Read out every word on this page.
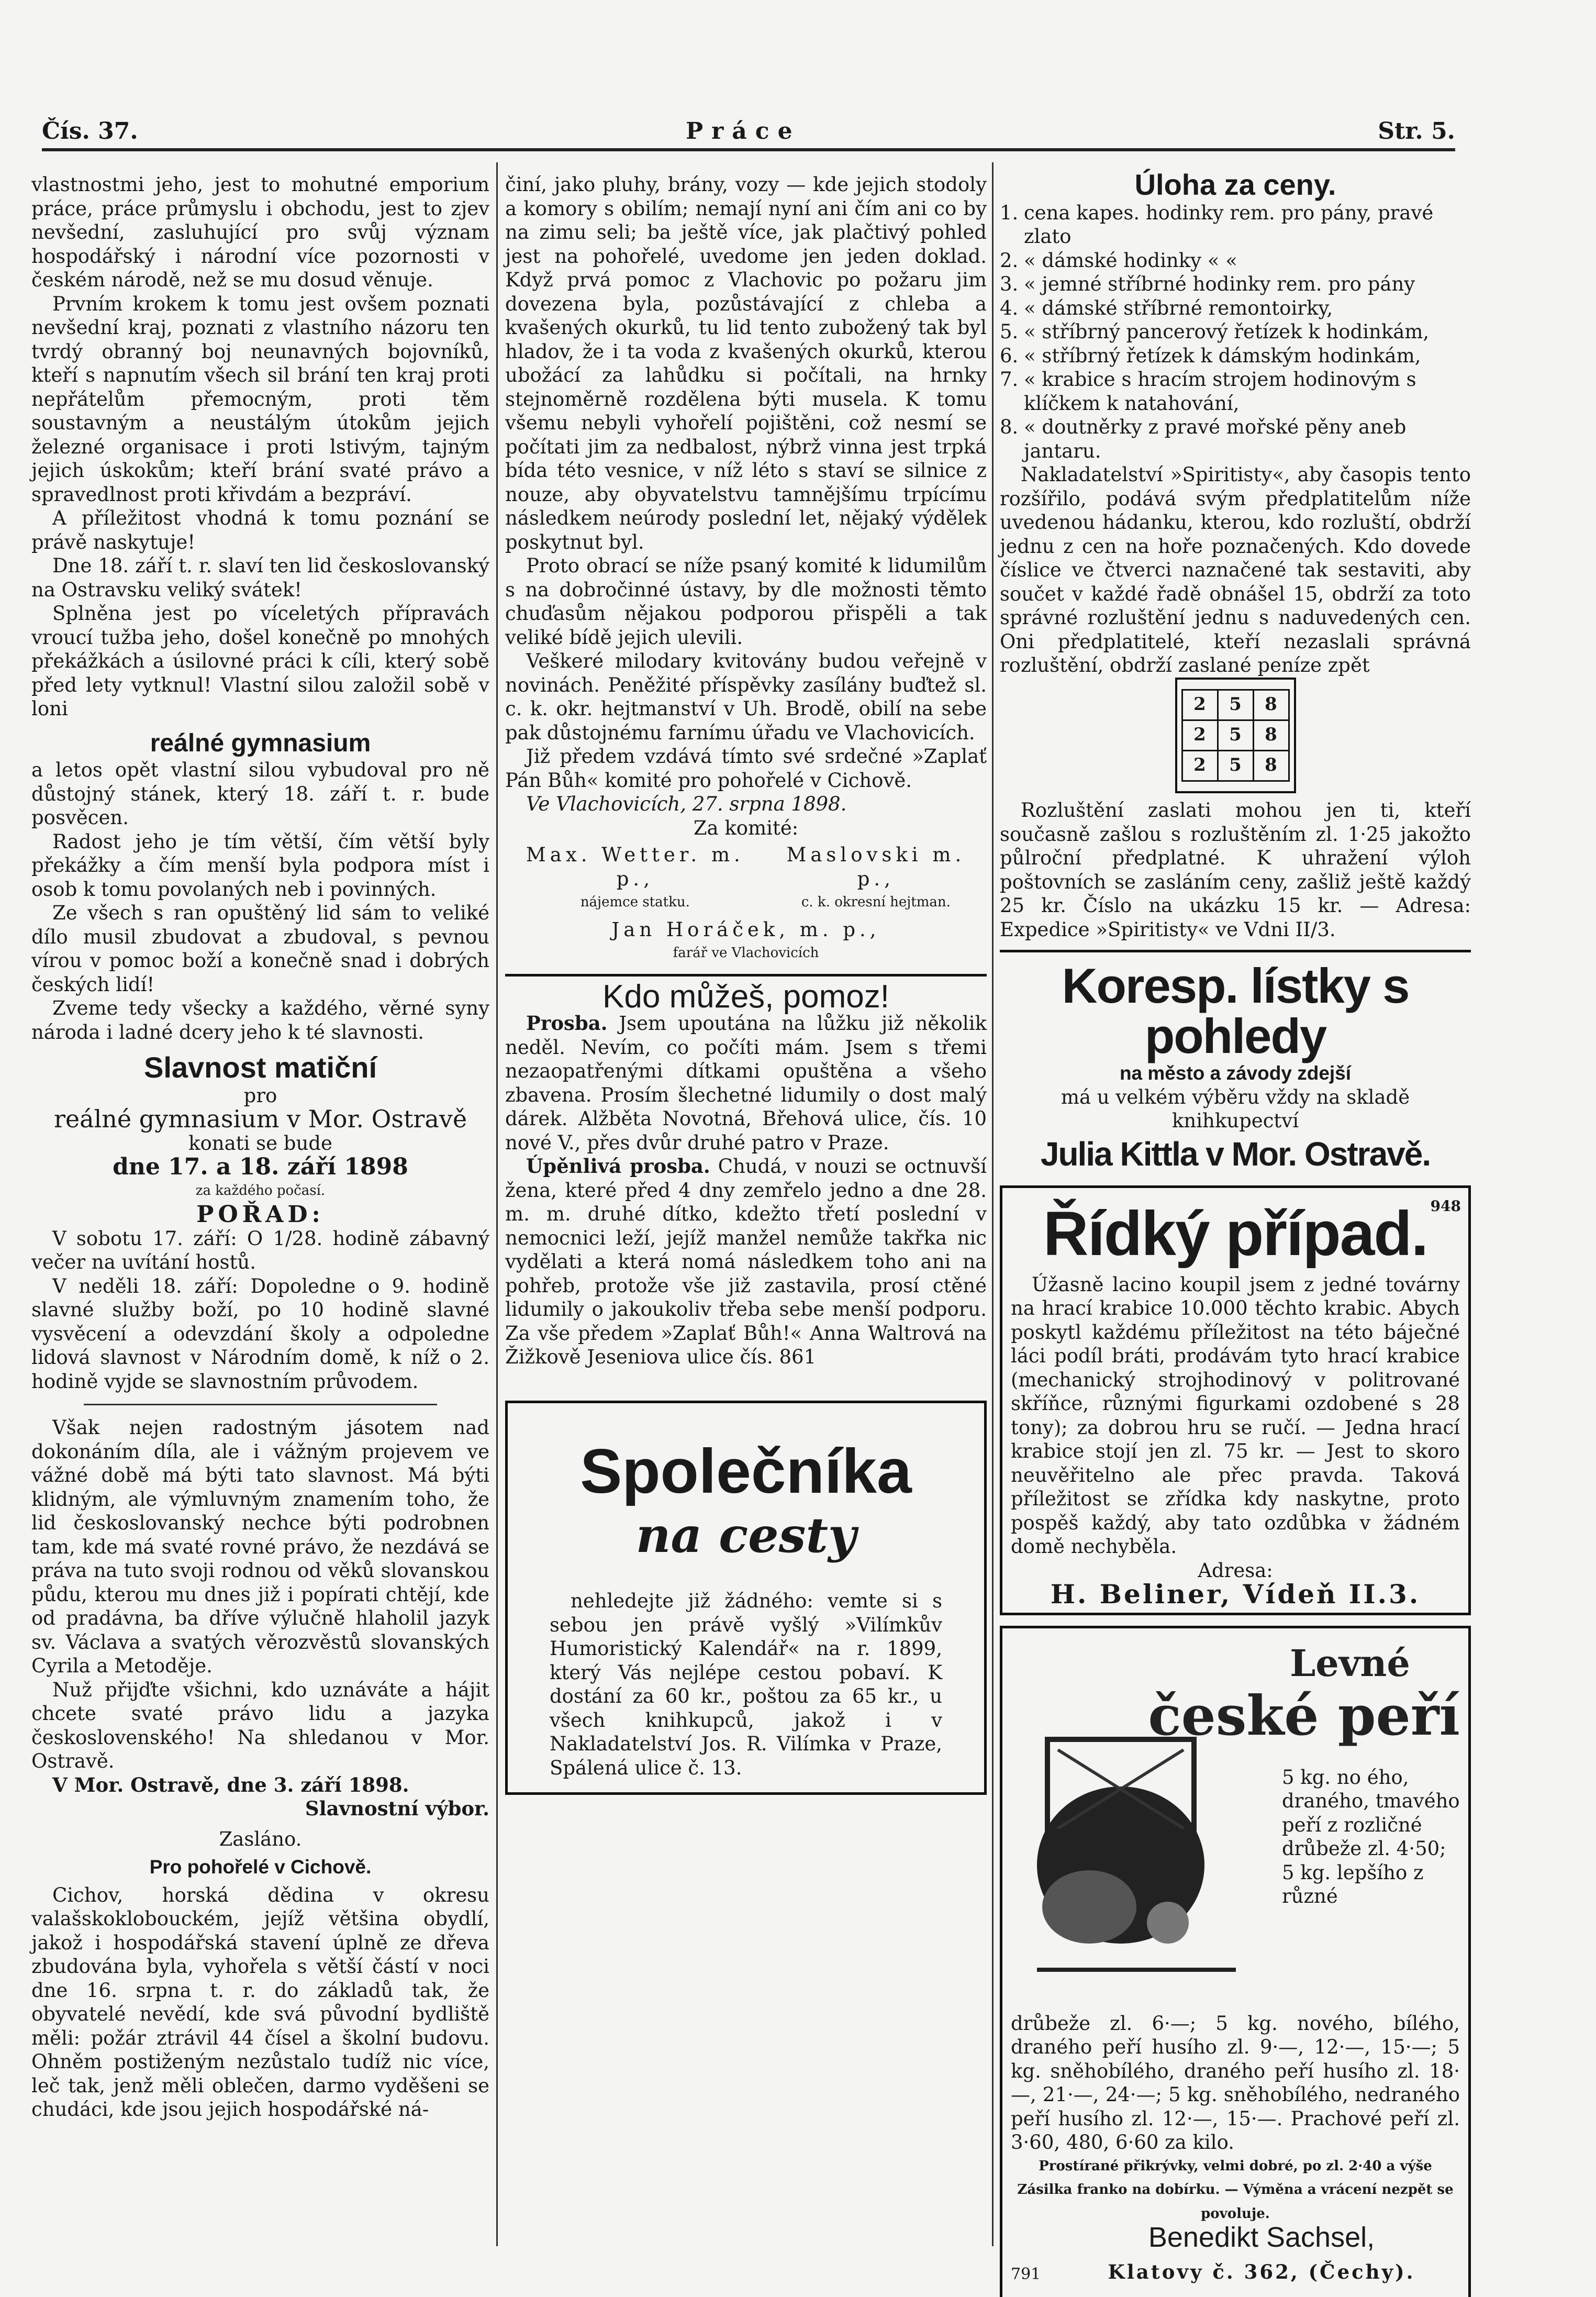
Čís. 37.	Práce	Str. 5.

vlastnostmi jeho, jest to mohutné emporium práce, práce průmyslu i obchodu, jest to zjev nevšední, zasluhující pro svůj význam hospodářský i národní více pozornosti v českém národě, než se mu dosud věnuje.

Prvním krokem k tomu jest ovšem poznati nevšední kraj, poznati z vlastního názoru ten tvrdý obranný boj neunavných bojovníků, kteří s napnutím všech sil brání ten kraj proti nepřátelům přemocným, proti těm soustavným a neustálým útokům jejich železné organisace i proti lstivým, tajným jejich úskokům; kteří brání svaté právo a spravedlnost proti křivdám a bezpráví.

A příležitost vhodná k tomu poznání se právě naskytuje!

Dne 18. září t. r. slaví ten lid českoslovanský na Ostravsku veliký svátek!

Splněna jest po víceletých přípravách vroucí tužba jeho, došel konečně po mnohých překážkách a úsilovné práci k cíli, který sobě před lety vytknul! Vlastní silou založil sobě v loni

reálné gymnasium

a letos opět vlastní silou vybudoval pro ně důstojný stánek, který 18. září t. r. bude posvěcen.

Radost jeho je tím větší, čím větší byly překážky a čím menší byla podpora míst i osob k tomu povolaných neb i povinných.

Ze všech s ran opuštěný lid sám to veliké dílo musil zbudovat a zbudoval, s pevnou vírou v pomoc boží a konečně snad i dobrých českých lidí!

Zveme tedy všecky a každého, věrné syny národa i ladné dcery jeho k té slavnosti.

Slavnost matiční
pro
reálné gymnasium v Mor. Ostravě
konati se bude
dne 17. a 18. září 1898
za každého počasí.
POŘAD:

V sobotu 17. září: O 1/28. hodině zábavný večer na uvítání hostů.

V neděli 18. září: Dopoledne o 9. hodině slavné služby boží, po 10 hodině slavné vysvěcení a odevzdání školy a odpoledne lidová slavnost v Národním domě, k níž o 2. hodině vyjde se slavnostním průvodem.

Však nejen radostným jásotem nad dokonáním díla, ale i vážným projevem ve vážné době má býti tato slavnost. Má býti klidným, ale výmluvným znamením toho, že lid českoslovanský nechce býti podrobnen tam, kde má svaté rovné právo, že nezdává se práva na tuto svoji rodnou od věků slovanskou půdu, kterou mu dnes již i popírati chtějí, kde od pradávna, ba dříve výlučně hlaholil jazyk sv. Václava a svatých věrozvěstů slovanských Cyrila a Metoděje.

Nuž přijďte všichni, kdo uznáváte a hájit chcete svaté právo lidu a jazyka československého! Na shledanou v Mor. Ostravě.

V Mor. Ostravě, dne 3. září 1898.

Slavnostní výbor.
Zasláno.
Pro pohořelé v Cichově.

Cichov, horská dědina v okresu valašskoklobouckém, jejíž většina obydlí, jakož i hospodářská stavení úplně ze dřeva zbudována byla, vyhořela s větší částí v noci dne 16. srpna t. r. do základů tak, že obyvatelé nevědí, kde svá původní bydliště měli: požár ztrávil 44 čísel a školní budovu. Ohněm postiženým nezůstalo tudíž nic více, leč tak, jenž měli oblečen, darmo vyděšeni se chudáci, kde jsou jejich hospodářské ná-

činí, jako pluhy, brány, vozy — kde jejich stodoly a komory s obilím; nemají nyní ani čím ani co by na zimu seli; ba ještě více, jak plačtivý pohled jest na pohořelé, uvedome jen jeden doklad. Když prvá pomoc z Vlachovic po požaru jim dovezena byla, pozůstávající z chleba a kvašených okurků, tu lid tento zubožený tak byl hladov, že i ta voda z kvašených okurků, kterou ubožácí za lahůdku si počítali, na hrnky stejnoměrně rozdělena býti musela. K tomu všemu nebyli vyhořelí pojištěni, což nesmí se počítati jim za nedbalost, nýbrž vinna jest trpká bída této vesnice, v níž léto s staví se silnice z nouze, aby obyvatelstvu tamnějšímu trpícímu následkem neúrody poslední let, nějaký výdělek poskytnut byl.

Proto obrací se níže psaný komité k lidumilům s na dobročinné ústavy, by dle možnosti těmto chuďasům nějakou podporou přispěli a tak veliké bídě jejich ulevili.

Veškeré milodary kvitovány budou veřejně v novinách. Peněžité příspěvky zasílány buďtež sl. c. k. okr. hejtmanství v Uh. Brodě, obilí na sebe pak důstojnému farnímu úřadu ve Vlachovicích.

Již předem vzdává tímto své srdečné »Zaplať Pán Bůh« komité pro pohořelé v Cichově.

Ve Vlachovicích, 27. srpna 1898.

Za komité:
Max. Wetter. m. p.,
nájemce statku.
Maslovski m. p.,
c. k. okresní hejtman.
Jan Horáček, m. p.,
farář ve Vlachovicích
Kdo můžeš, pomoz!

Prosba. Jsem upoutána na lůžku již několik neděl. Nevím, co počíti mám. Jsem s třemi nezaopatřenými dítkami opuštěna a všeho zbavena. Prosím šlechetné lidumily o dost malý dárek. Alžběta Novotná, Břehová ulice, čís. 10 nové V., přes dvůr druhé patro v Praze.

Úpěnlivá prosba. Chudá, v nouzi se octnuvší žena, které před 4 dny zemřelo jedno a dne 28. m. m. druhé dítko, kdežto třetí poslední v nemocnici leží, jejíž manžel nemůže takřka nic vydělati a která nomá následkem toho ani na pohřeb, protože vše již zastavila, prosí ctěné lidumily o jakoukoliv třeba sebe menší podporu. Za vše předem »Zaplať Bůh!« Anna Waltrová na Žižkově Jeseniova ulice čís. 861

Společníka
na cesty

nehledejte již žádného: vemte si s sebou jen právě vyšlý »Vilímkův Humoristický Kalendář« na r. 1899, který Vás nejlépe cestou pobaví. K dostání za 60 kr., poštou za 65 kr., u všech knihkupců, jakož i v Nakladatelství Jos. R. Vilímka v Praze, Spálená ulice č. 13.

Úloha za ceny.
1. cena kapes. hodinky rem. pro pány, pravé zlato
2. « dámské hodinky « «
3. « jemné stříbrné hodinky rem. pro pány
4. « dámské stříbrné remontoirky,
5. « stříbrný pancerový řetízek k hodinkám,
6. « stříbrný řetízek k dámským hodinkám,
7. « krabice s hracím strojem hodinovým s klíčkem k natahování,
8. « doutněrky z pravé mořské pěny aneb jantaru.

Nakladatelství »Spiritisty«, aby časopis tento rozšířilo, podává svým předplatitelům níže uvedenou hádanku, kterou, kdo rozluští, obdrží jednu z cen na hoře poznačených. Kdo dovede číslice ve čtverci naznačené tak sestaviti, aby součet v každé řadě obnášel 15, obdrží za toto správné rozluštění jednu s naduvedených cen. Oni předplatitelé, kteří nezaslali správná rozluštění, obdrží zaslané peníze zpět

2	5	8
2	5	8
2	5	8

Rozluštění zaslati mohou jen ti, kteří současně zašlou s rozluštěním zl. 1·25 jakožto půlroční předplatné. K uhražení výloh poštovních se zasláním ceny, zašliž ještě každý 25 kr. Číslo na ukázku 15 kr. — Adresa: Expedice »Spiritisty« ve Vdni II/3.

Koresp. lístky s pohledy
na město a závody zdejší
má u velkém výběru vždy na skladě
knihkupectví
Julia Kittla v Mor. Ostravě.
948
Řídký případ.

Úžasně lacino koupil jsem z jedné továrny na hrací krabice 10.000 těchto krabic. Abych poskytl každému příležitost na této báječné láci podíl bráti, prodávám tyto hrací krabice (mechanický strojhodinový v politrované skříňce, různými figurkami ozdobené s 28 tony); za dobrou hru se ručí. — Jedna hrací krabice stojí jen zl. 75 kr. — Jest to skoro neuvěřitelno ale přec pravda. Taková příležitost se zřídka kdy naskytne, proto pospěš každý, aby tato ozdůbka v žádném domě nechyběla.

Adresa:
H. Beliner, Vídeň II.3.
Levné
české peří
5 kg. no ého, draného, tmavého peří z rozličné drůbeže zl. 4·50; 5 kg. lepšího z různé

drůbeže zl. 6·—; 5 kg. nového, bílého, draného peří husího zl. 9·—, 12·—, 15·—; 5 kg. sněhobílého, draného peří husího zl. 18·—, 21·—, 24·—; 5 kg. sněhobílého, nedraného peří husího zl. 12·—, 15·—. Prachové peří zl. 3·60, 480, 6·60 za kilo.

Prostírané přikrývky, velmi dobré, po zl. 2·40 a výše
Zásilka franko na dobírku. — Výměna a vrácení nezpět se povoluje.
791
Benedikt Sachsel,
Klatovy č. 362, (Čechy).
